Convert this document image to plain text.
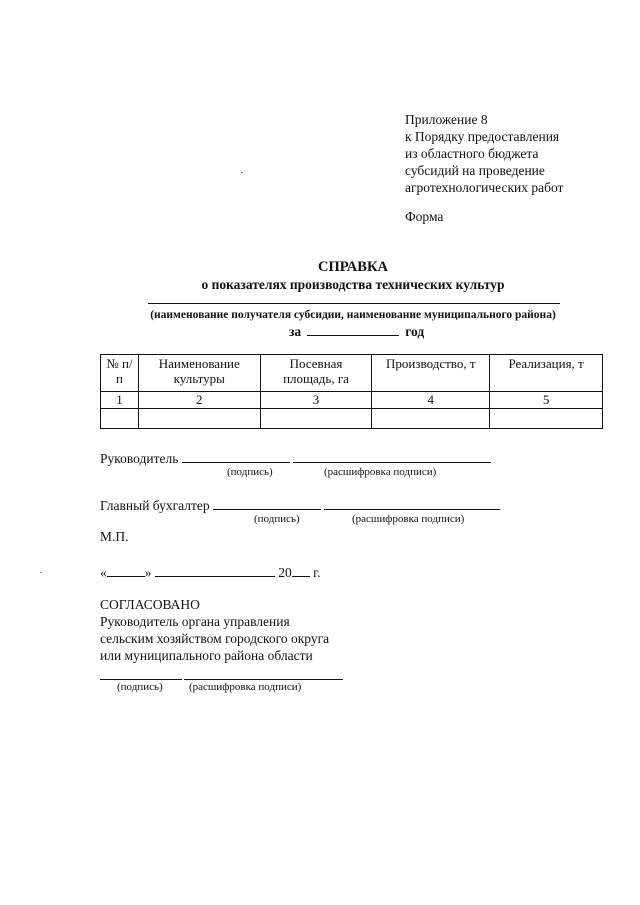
Приложение 8
к Порядку предоставления
из областного бюджета
субсидий на проведение
агротехнологических работ
Форма
СПРАВКА
о показателях производства технических культур
(наименование получателя субсидии, наименование муниципального района)
за	год
№ п/п	Наименование культуры	Посевная площадь, га	Производство, т	Реализация, т
1	2	3	4	5

Руководитель
(подпись)	(расшифровка подписи)
Главный бухгалтер
(подпись)	(расшифровка подписи)
М.П.
«	»	20 г.
СОГЛАСОВАНО
Руководитель органа управления
сельским хозяйством городского округа
или муниципального района области
(подпись) (расшифровка подписи)
